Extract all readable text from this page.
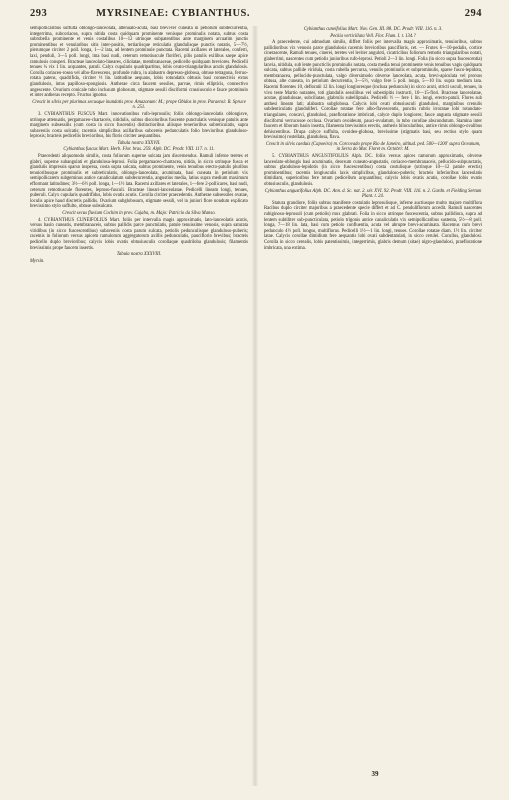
293	MYRSINEAE: CYBIANTHUS.	294

semipollicaribus suffulta oblongo-lanceolata, attenuato-acuta, basi brevi-ter cuneata in petiolum subdecurrentia, integerrima, subcoriacea, supra nitida costa quidquam prominente venisque prominulis notata, subtus costa subrubella prominente et venis costalibus 10—12 utrinque subpatentibus ante marginem arcuatim junctis prominentibus et venularibus sitis inter-positis, tertiariisque reticulatis glandulisque punctis notatis, 5—7½, plerumque circiter 2 poll. longa, 1—2 lata, ad lentem prominule punctata. Racemi axillares et laterales, conferti, laxi, penduli, 3—5 poll. longi, ima basi nudi, ceterum remotiuscule floriferi, pilis patulis exilibus saepe apice ramulosis consperi. Bracteae lanceolato-lineares, ciliolatae, membranaceae, pedicello quidquam breviores. Pedicelli tenues ¼ vix 1 lin. acquantes, patuli. Calyx cupularis quadripartitus, lobis ovato-triangularibus acutis glandulosis. Corolla coriaceo-rosea vel albo-flavescens, profunde rubra, in alabastro depresso-globosa, obtuse tetragona, ferruo-rotata patens, quadrifida, circiter ⅓ lin. latitudine aequans, lobis rotundatis obtusis basi connectivis extus glandulosis, intus papilloso-spongiosis. Antherae circa faucem sessiles, parvae, rimis ellipticis, connectivo angescente. Ovarium conicale tubo inclusum globosum, stigmate sessili disciformi crassiusculo e fauce prominulo et inter antheras recepto. Fructus ignotus.

Crescit in silvis per plurimas secusque inundatis prov. Amazonum: M.; prope Obidos in prov. Paraensi: R. Spruce n. 251.

3. CYBIANTHUS FUSCUS Mart. innovationibus rufo-leprosulis; foliis oblongo-lanceolatis oblongisve, utrinque attenuatis, pergamaceo-chartaceis, nitidulis, subtus discoloribus fuscente punctulatis venisque patulis ante marginem subsessilis (cum costa in sicco fuscentis) distinctioribus aliisque tenerioribus subreticulatis, supra subaveniis costa sulcatis; racemis simplicibus axillaribus subcereis pedunculatis folio brevioribus glanduloso-leprosis; bracteis pedicellis brevioribus, his floris circiter aequantibus.

Tabula nostra XXXVII.

Cybianthus fuscus Mart. Herb. Flor. bras. 259. Alph. DC. Prodr. VIII. 117. n. 11.

Praecedenti aliquomodo similis, costa foliorum superne sulcata jam discernendus. Ramuli inferne teretes et glabri, superne subangulati et glandulosa-leprosi. Folia pergamaceo-chartacea, nitida, in sicco utrinque fusca et glandulis impressis sparso inspersa, costa supra sulcata, subtus prominente, venis tenuibus erecto-patulis pluribus tenuioribusque prominulis et subreticulatis, oblongo-lanceolata, acuminata, basi cuneata in petiolum vix semipollicarem subgeminus antice canaliculatum subdecurrentia, angustius media, latius supra medium maximum efformant latitudines; 3½—6½ poll. longa, 1—1½ lata. Racemi axillares et laterales, 1—fere 2-pollicares, basi nudi, ceterum remotiuscule florentes, leproso-fusculi. Bracteae lineari-lanceolatae. Pedicelli lineam longi, tenues, puberuli. Calyx cupularis quadrifidus, lobis ovatis acutis. Corolla circiter praecedentis. Antherae subsessiles ovatae, loculis apice haud discretis pallidis. Ovarium subglobosum, stigmate sessili, vel in juniori flore nondum explicato brevissimo stylo suffulto, obtuse subsulcato.

Crescit secus fluvium Cochim in prov. Cujaba, m. Majo: Patricio da Silva Manso.

4. CYBIANTHUS CUNEIFOLIUS Mart. foliis per intervalla magis approximatis, lato-lanceolatis acutis, versus basin cuneatis, membranaceis, subtus pallidis parce punctulatis, patule tenuissime venosis, supra saturata viridibus (in sicco fuscescentibus) subaveniis costa parum sulcata, petiolis pedunculisque glanduloso-puberis; racemis in foliorum versus apicem ramulorum aggregatorum axillis pedunculatis, pauciflorio brevibus; bracteis pedicello duplo brevioribus; calycis lobis ovatis obtusiusculis corollaque quadriloba glandulosis; filamentis brevissimis prope faucem insertis.

Tabula nostra XXXVIII.

Myrsin.

Cybianthus cuneifolius Mart. Nov. Gen. III. 88. DC. Prodr. VIII. 116. n. 3.

Peckia verticillata Vell. Flor. Flum. I. t. 134.?

A praecedente, cui admodum similis, differt foliis per intervalla magis approximatis, tenuioribus, subtus pallidioribus vix venosis parce glandulosis racemis brevioribus paucifloris, cet. — Frutex 6—10-pedalis, cortice cinerascente, Ramuli tenues, cinerei, teretes vel leviter anguloti, cicatricibus foliorum remotis triangularibus notati, glaberrimi, nascentes cum petiolis junioribus rufo-leprosi. Petioli 2—3 lin. longi. Folia (in sicco supra fuscescentia) lanvia, nitidula, sub lente puncticlis prominulis notata, costa media tenui prominente venis tenuibus vagis quidquam sulcata, subtus pallide viridula, costa rubella percursa, venulis prominulis et subprominulis, sparse fusco-lepidota, membranacea, pellucido-punctulata, valgo diversimodo obverse lanceolata, acuta, brevi-apiculata vel prorsus obtusa, alte cuneata, in petiolum decurrentia, 3—5½, vulgo fere 5 poll. longa, 5—10 lin. supra medium lata. Racemi florentes 10, defloratii 12 lin. longi longioresque (inclusa pedunculo) in sicco acuti, stricti usculi, tenues, in vivo teste Martio nutantes, toti glandulis sessilibus vel subestipitis instructi, 10—15-flori. Bracteae lanceolatae, acutae, glandulosae, subciliatae, glabrulis subelliptaiis. Pedicelli ½ — fere 1 lin. longi, erecto-patuli. Flores sub anthesi lineam lati; alabastra subglobosa. Calycis lobi ovati obtusiusculi glandulosi, marginibus crenulis subdenticulatis glanduliferi. Corollae rotatae fere albo-flavescentis, punctis rubris irroratae lobi rotundato-triangulares, concavi, glandulosi, praefloratione imbricati, calyce duplo longiores; fauce angusta stigmate sessili disciformi verrucosoe occlusa. Ovarium ovoideum, pauci-ovulatum, in tubo corollae abscondutum. Stamina inter faucem et liborum basin inserta, filamenta brevissimis erectis, antheris bilocularibus, antice rimis oblongo-ovalibus dehiscentibus. Drupa calyce suffulta, ovoideo-globosa, brevissime (stigmatis basi, seu rectius stylo quam brevissimo) rostellata, glandulosa, flava.

Crescit in silvis caeduis (Capoeira) m. Corcovado prope Rio de Janeiro, altitud. ped. 500—1200' supra Oceanum, in Serra do Mar. Floret m. Octobri: M.

5. CYBIANTHUS ANGUSTIFOLIUS Alph. DC. foliis versus apices ramorum approximatis, obverse lanceolato-oblongis basi acuminatis, deorsum cuneato-angustatis, coriaceo-membranaceis, pellucido-subpunctatis, subtus glanduloso-lepidotis (in sicco fuscescentibus) costa costulisque (utrinque 10—12 patule erectis) prominentibus; racemis longiusculis laxis simplicibus, glanduloso-puberis; bracteis inferioribus lanceolatis dimidiam, superioribus fere totum pedicellum acquantibus; calycis lobis ovatis acutis, corollae lobis ovatis obtusiusculis, glandulosis.

Cybianthus angustifolius Alph. DC. Ann. d. Sc. nat. 2. sér. XVI. 92. Prodr. VIII. 116. n. 2. Gardn. et Fielding Sertum Plant. t. 24.

Statura grandiore, foliis subtus manifeste costulatis leprosulisque, inferne auctiusque multo majore multiflora Racibus duplo circiter majoribus a praecedente specie differt et ad C. penduliflorum accedit. Ramuli nascentes rubiginoso-leprosuli (cum petiolis) mox glabrati. Folia in sicco utrinque fuscescentia, subtus pallidiora, supra ad lentem subtiliter sub-puncticulata, petiolo trigonis antice canaliculatis vix semipollicaribus sustenta, 5½—8 poll. longa, 7—18 lin. lata, basi cum petiolo confluentia, acuta vel abrupte brevi-acuminata. Racemus cum brevi pedunculo 4½ poll. longus, multiflorus. Pedicelli 1½—1 lin. longi, tenues. Corollae rotatae diam. 1½ lin. circiter latae. Calycis corollae dimidium fere aequantis lobi ovati subdentatulati, in sicco cerulei. Cucullus, glandulosi. Corolla in sicco cerealis, lobis patentissimis, integerrimis, glabris demum (sitae) nigro-glandulosi, praefloratione imbricata, una extima.

39
